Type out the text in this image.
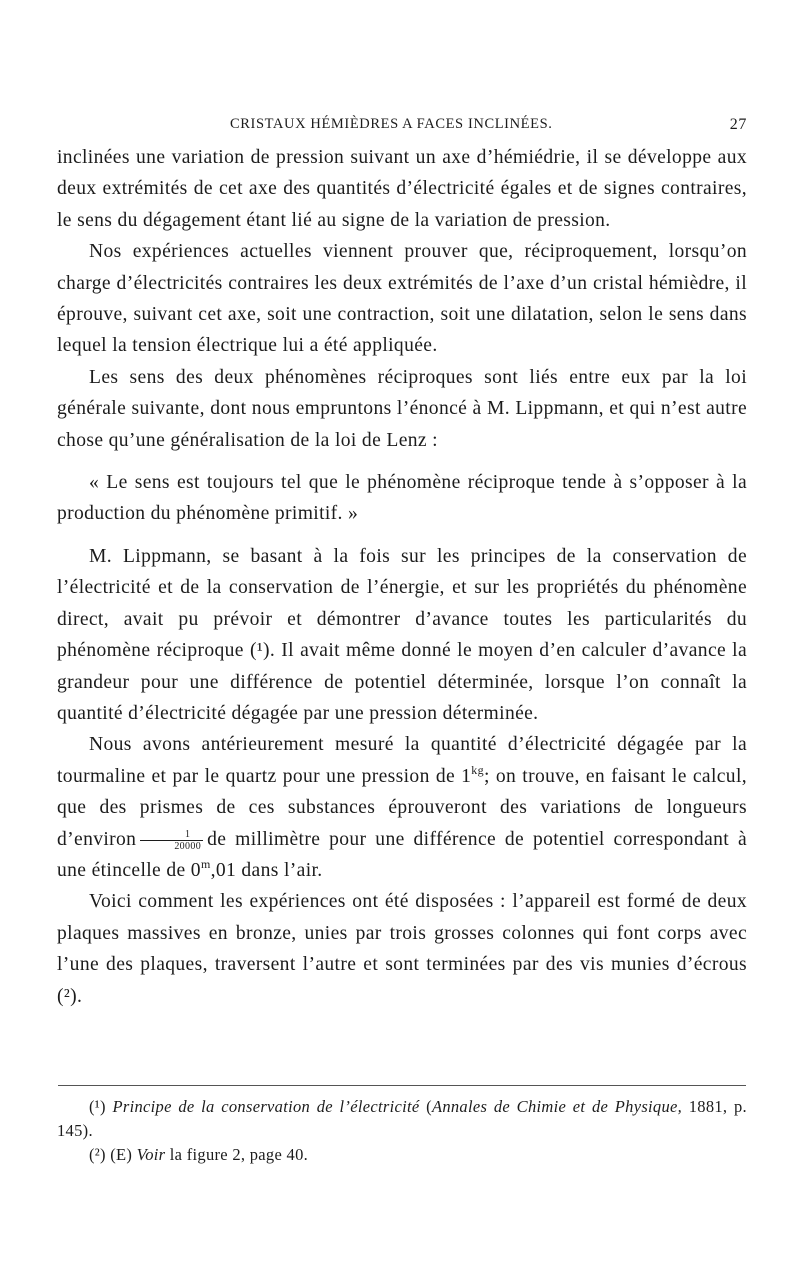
CRISTAUX HÉMIÈDRES A FACES INCLINÉES.	27

inclinées une variation de pression suivant un axe d’hémiédrie, il se développe aux deux extrémités de cet axe des quantités d’électricité égales et de signes contraires, le sens du dégagement étant lié au signe de la variation de pression.

Nos expériences actuelles viennent prouver que, réciproquement, lorsqu’on charge d’électricités contraires les deux extrémités de l’axe d’un cristal hémièdre, il éprouve, suivant cet axe, soit une contraction, soit une dilatation, selon le sens dans lequel la tension électrique lui a été appliquée.

Les sens des deux phénomènes réciproques sont liés entre eux par la loi générale suivante, dont nous empruntons l’énoncé à M. Lippmann, et qui n’est autre chose qu’une généralisation de la loi de Lenz :

« Le sens est toujours tel que le phénomène réciproque tende à s’opposer à la production du phénomène primitif. »

M. Lippmann, se basant à la fois sur les principes de la conservation de l’électricité et de la conservation de l’énergie, et sur les propriétés du phénomène direct, avait pu prévoir et démontrer d’avance toutes les particularités du phénomène réciproque (¹). Il avait même donné le moyen d’en calculer d’avance la grandeur pour une différence de potentiel déterminée, lorsque l’on connaît la quantité d’électricité dégagée par une pression déterminée.

Nous avons antérieurement mesuré la quantité d’électricité dégagée par la tourmaline et par le quartz pour une pression de $1^{kg}$; on trouve, en faisant le calcul, que des prismes de ces substances éprouveront des variations de longueurs d’environ $\frac{1}{20000}$ de millimètre pour une différence de potentiel correspondant à une étincelle de 0$^m$,01 dans l’air.

Voici comment les expériences ont été disposées : l’appareil est formé de deux plaques massives en bronze, unies par trois grosses colonnes qui font corps avec l’une des plaques, traversent l’autre et sont terminées par des vis munies d’écrous (²).

(¹) Principe de la conservation de l’électricité (Annales de Chimie et de Physique, 1881, p. 145).

(²) (E) Voir la figure 2, page 40.
